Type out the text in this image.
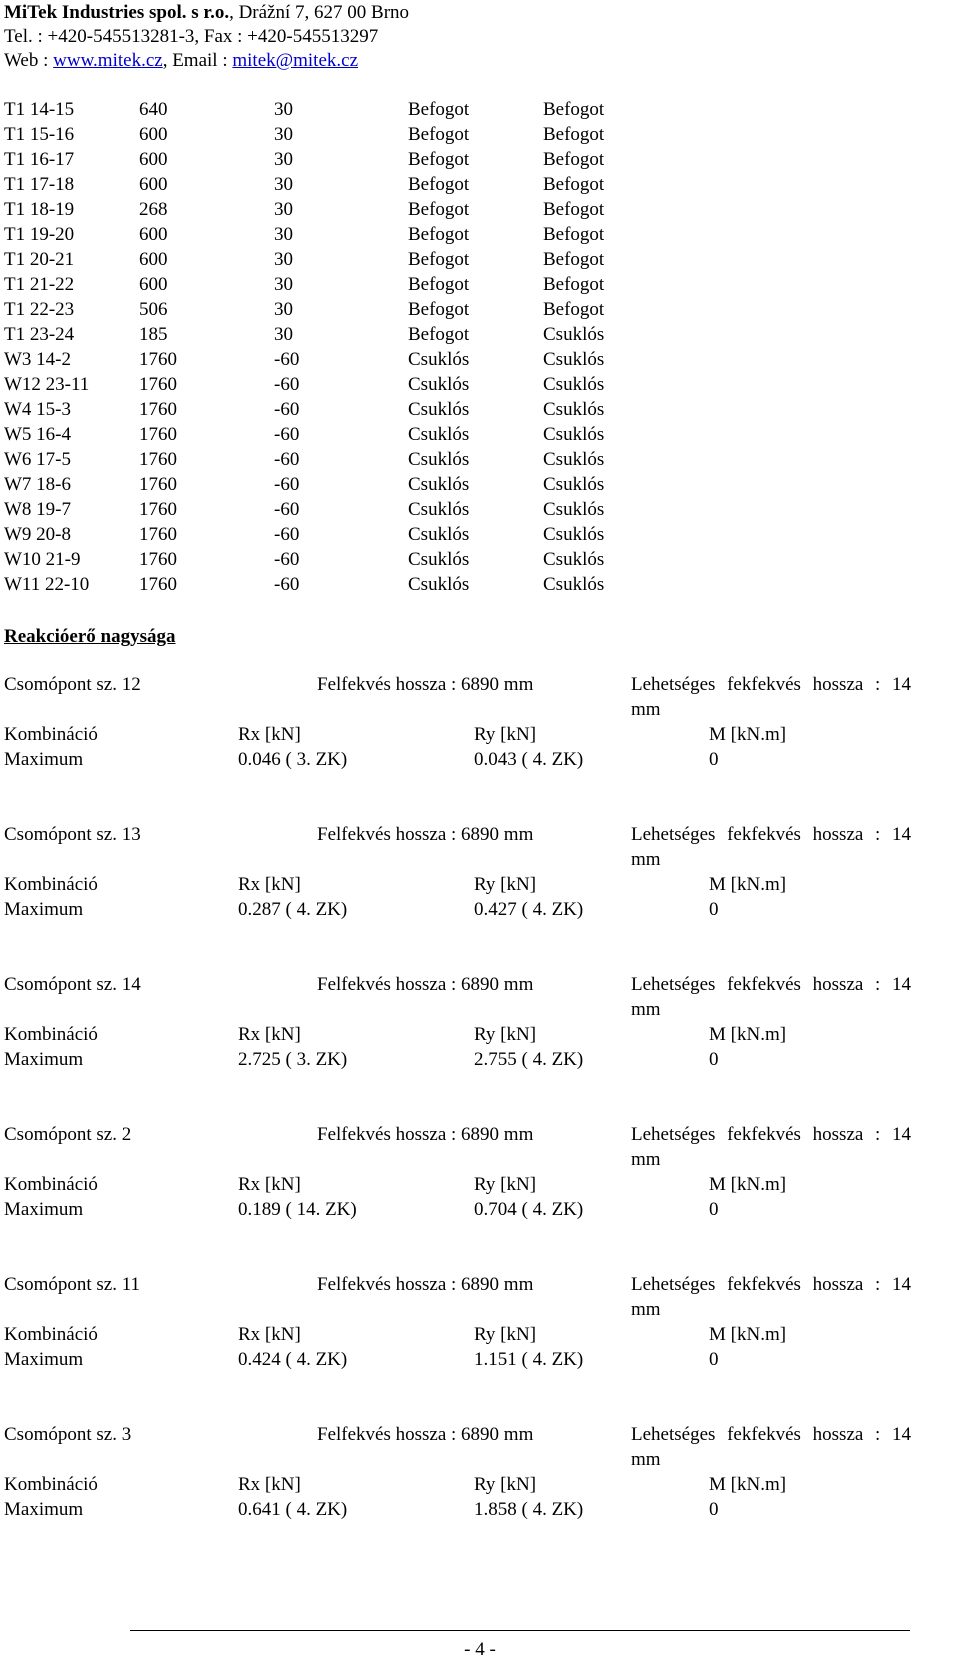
MiTek Industries spol. s r.o., Drážní 7, 627 00 Brno
Tel. : +420-545513281-3, Fax : +420-545513297
Web : www.mitek.cz, Email : mitek@mitek.cz
T1 14-15	640	30	Befogot	Befogot
T1 15-16	600	30	Befogot	Befogot
T1 16-17	600	30	Befogot	Befogot
T1 17-18	600	30	Befogot	Befogot
T1 18-19	268	30	Befogot	Befogot
T1 19-20	600	30	Befogot	Befogot
T1 20-21	600	30	Befogot	Befogot
T1 21-22	600	30	Befogot	Befogot
T1 22-23	506	30	Befogot	Befogot
T1 23-24	185	30	Befogot	Csuklós
W3 14-2	1760	-60	Csuklós	Csuklós
W12 23-11	1760	-60	Csuklós	Csuklós
W4 15-3	1760	-60	Csuklós	Csuklós
W5 16-4	1760	-60	Csuklós	Csuklós
W6 17-5	1760	-60	Csuklós	Csuklós
W7 18-6	1760	-60	Csuklós	Csuklós
W8 19-7	1760	-60	Csuklós	Csuklós
W9 20-8	1760	-60	Csuklós	Csuklós
W10 21-9	1760	-60	Csuklós	Csuklós
W11 22-10	1760	-60	Csuklós	Csuklós
Reakcióerő nagysága
Csomópont sz. 12	Felfekvés hossza : 6890 mm	Lehetséges fekfekvés hossza : 14 mm
Kombináció	Rx [kN]	Ry [kN]	M [kN.m]
Maximum	0.046 ( 3. ZK)	0.043 ( 4. ZK)	0
Csomópont sz. 13	Felfekvés hossza : 6890 mm	Lehetséges fekfekvés hossza : 14 mm
Kombináció	Rx [kN]	Ry [kN]	M [kN.m]
Maximum	0.287 ( 4. ZK)	0.427 ( 4. ZK)	0
Csomópont sz. 14	Felfekvés hossza : 6890 mm	Lehetséges fekfekvés hossza : 14 mm
Kombináció	Rx [kN]	Ry [kN]	M [kN.m]
Maximum	2.725 ( 3. ZK)	2.755 ( 4. ZK)	0
Csomópont sz. 2	Felfekvés hossza : 6890 mm	Lehetséges fekfekvés hossza : 14 mm
Kombináció	Rx [kN]	Ry [kN]	M [kN.m]
Maximum	0.189 ( 14. ZK)	0.704 ( 4. ZK)	0
Csomópont sz. 11	Felfekvés hossza : 6890 mm	Lehetséges fekfekvés hossza : 14 mm
Kombináció	Rx [kN]	Ry [kN]	M [kN.m]
Maximum	0.424 ( 4. ZK)	1.151 ( 4. ZK)	0
Csomópont sz. 3	Felfekvés hossza : 6890 mm	Lehetséges fekfekvés hossza : 14 mm
Kombináció	Rx [kN]	Ry [kN]	M [kN.m]
Maximum	0.641 ( 4. ZK)	1.858 ( 4. ZK)	0
- 4 -
